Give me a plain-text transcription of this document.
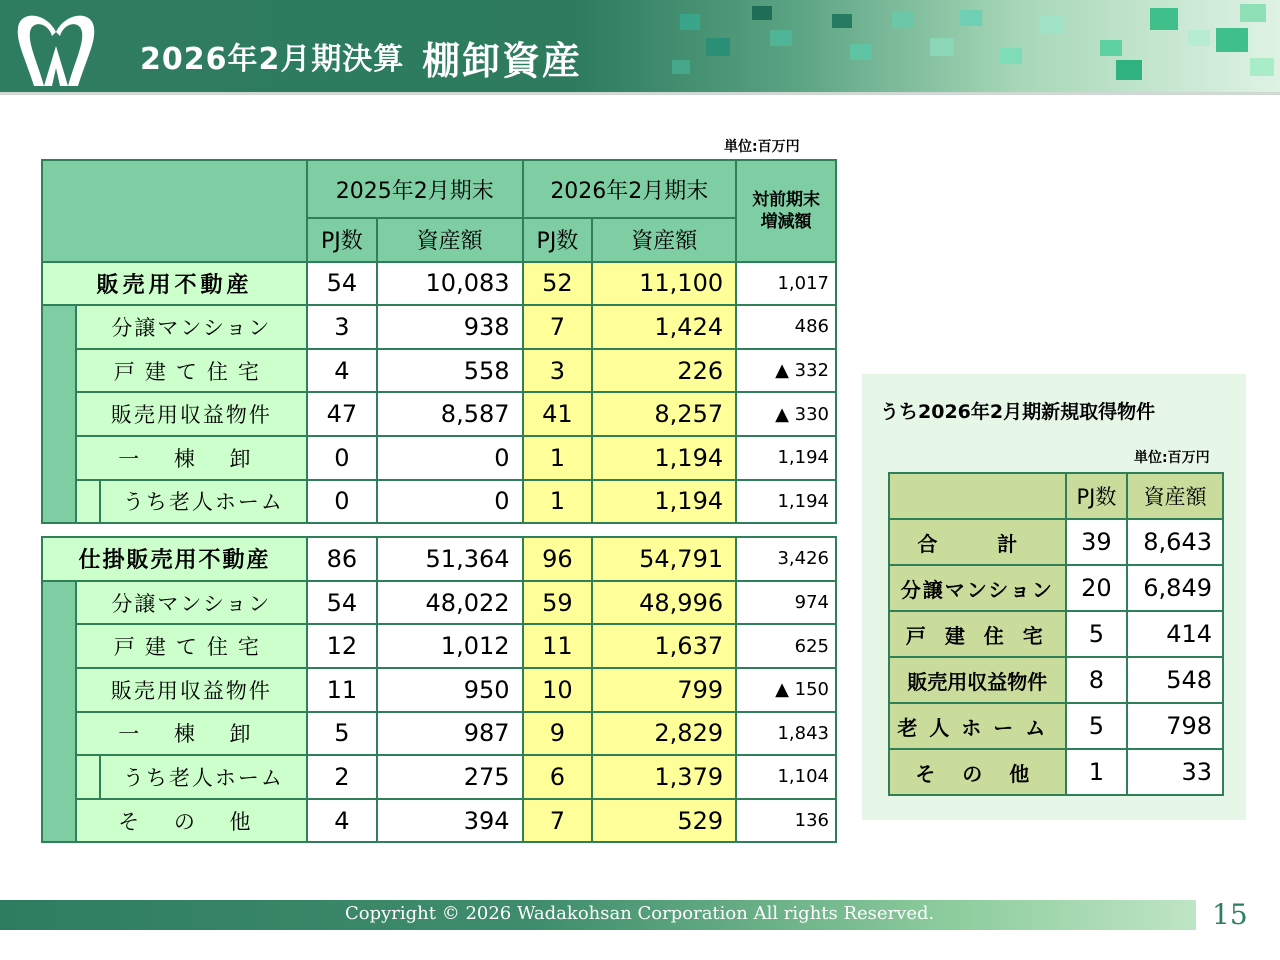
2026年2月期決算 棚卸資産
単位:百万円
			2025年2月期末		2026年2月期末		対前期末
増減額

			PJ数	資産額	PJ数	資産額	
販売用不動産			54	10,083	52	11,100	1,017
	分譲マンション		3	938	7	1,424	486
	戸建て住宅		4	558	3	226	▲ 332
	販売用収益物件		47	8,587	41	8,257	▲ 330
	一 棟 卸		0	0	1	1,194	1,194
		うち老人ホーム	0	0	1	1,194	1,194

仕掛販売用不動産			86	51,364	96	54,791	3,426
	分譲マンション		54	48,022	59	48,996	974
	戸建て住宅		12	1,012	11	1,637	625
	販売用収益物件		11	950	10	799	▲ 150
	一 棟 卸		5	987	9	2,829	1,843
		うち老人ホーム	2	275	6	1,379	1,104
	そ の 他		4	394	7	529	136
うち2026年2月期新規取得物件
単位:百万円
	PJ数	資産額
合　計	39	8,643
分譲マンション	20	6,849
戸 建 住 宅	5	414
販売用収益物件	8	548
老人ホーム	5	798
そ の 他	1	33
Copyright © 2026 Wadakohsan Corporation All rights Reserved.	15
